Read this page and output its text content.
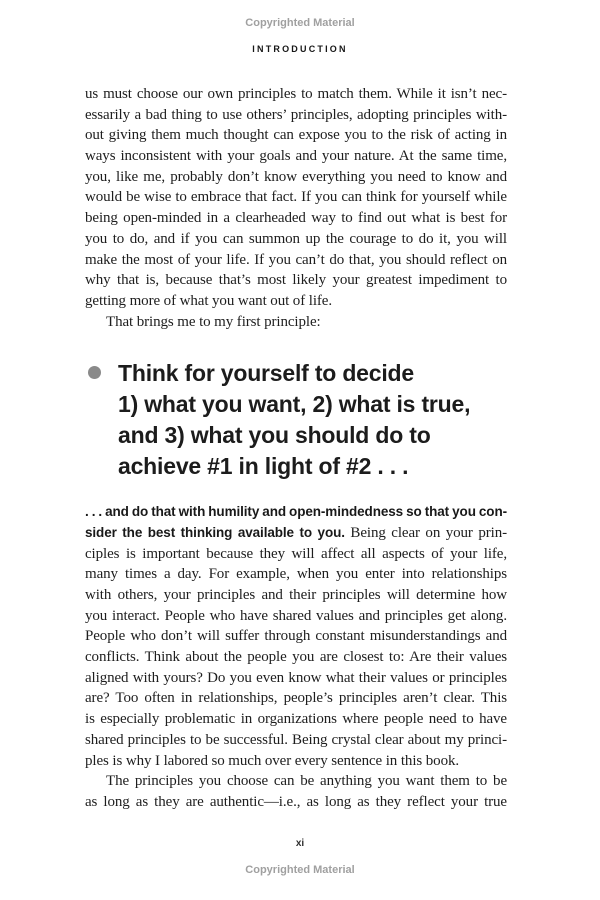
Copyrighted Material
INTRODUCTION
us must choose our own principles to match them. While it isn’t nec-
essarily a bad thing to use others’ principles, adopting principles with-
out giving them much thought can expose you to the risk of acting in
ways inconsistent with your goals and your nature. At the same time,
you, like me, probably don’t know everything you need to know and
would be wise to embrace that fact. If you can think for yourself while
being open-minded in a clearheaded way to find out what is best for
you to do, and if you can summon up the courage to do it, you will
make the most of your life. If you can’t do that, you should reflect on
why that is, because that’s most likely your greatest impediment to
getting more of what you want out of life.
That brings me to my first principle:
Think for yourself to decide
1) what you want, 2) what is true,
and 3) what you should do to
achieve #1 in light of #2 . . .
. . . and do that with humility and open-mindedness so that you con-
sider the best thinking available to you. Being clear on your prin-
ciples is important because they will affect all aspects of your life,
many times a day. For example, when you enter into relationships
with others, your principles and their principles will determine how
you interact. People who have shared values and principles get along.
People who don’t will suffer through constant misunderstandings and
conflicts. Think about the people you are closest to: Are their values
aligned with yours? Do you even know what their values or principles
are? Too often in relationships, people’s principles aren’t clear. This
is especially problematic in organizations where people need to have
shared principles to be successful. Being crystal clear about my princi-
ples is why I labored so much over every sentence in this book.
The principles you choose can be anything you want them to be
as long as they are authentic—i.e., as long as they reflect your true
xi
Copyrighted Material
